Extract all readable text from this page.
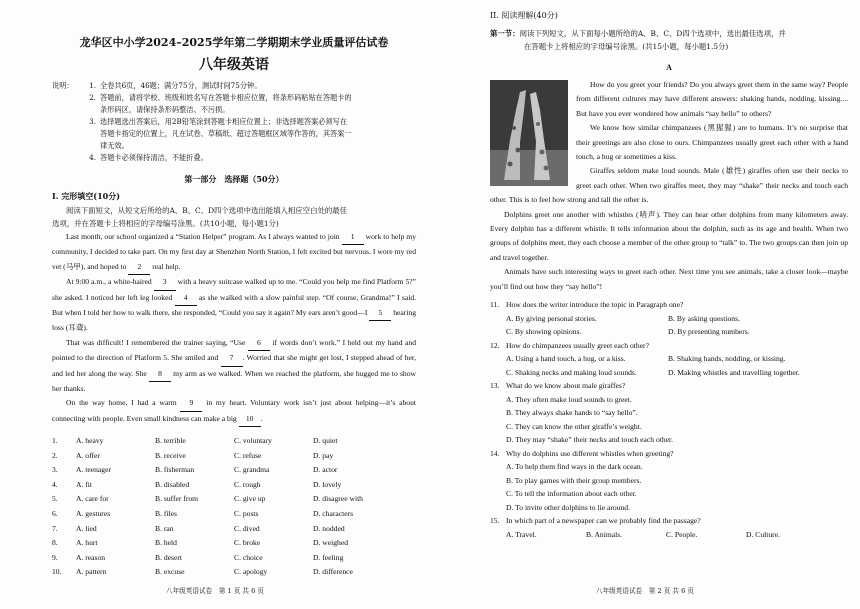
龙华区中小学2024–2025学年第二学期期末学业质量评估试卷
八年级英语
说明：	1. 全卷共6页，46题；满分75分，测试时间75分钟。
2. 答题前，请将学校、班级和姓名写在答题卡相应位置，将条形码粘贴在答题卡的
条形码区，请保持条形码整洁、不污损。
3. 选择题选出答案后，用2B铅笔涂到答题卡相应位置上；非选择题答案必须写在
答题卡指定的位置上，凡在试卷、草稿纸、超过答题框区域等作答的，其答案一
律无效。
4. 答题卡必须保持清洁，不能折叠。
第一部分　选择题（50分）
I. 完形填空(10分)

阅读下面短文，从短文后所给的A、B、C、D四个选项中选出能填入相应空白处的最佳

选项，并在答题卡上将相应的字母编号涂黑。(共10小题，每小题1分)

Last month, our school organized a “Station Helper” program. As I always wanted to join 1 work to help my community, I decided to take part. On my first day at Shenzhen North Station, I felt excited but nervous. I wore my red vet (马甲), and hoped to 2 real help.

At 9:00 a.m., a white-haired 3 with a heavy suitcase walked up to me. “Could you help me find Platform 5?” she asked. I noticed her left leg looked 4 as she walked with a slow painful step. “Of course, Grandma!” I said. But when I told her how to walk there, she responded, “Could you say it again? My ears aren’t good—I 5 hearing loss (耳聋).

That was difficult! I remembered the trainer saying, “Use 6 if words don’t work.” I held out my hand and pointed to the direction of Platform 5. She smiled and 7 . Worried that she might get lost, I stepped ahead of her, and led her along the way. She 8 my arm as we walked. When we reached the platform, she hugged me to show her thanks.

On the way home, I had a warm 9 in my heart. Voluntary work isn’t just about helping—it’s about connecting with people. Even small kindness can make a big 10 .

1.	A. heavy	B. terrible	C. voluntary	D. quiet
2.	A. offer	B. receive	C. refuse	D. pay
3.	A. teenager	B. fisherman	C. grandma	D. actor
4.	A. fit	B. disabled	C. rough	D. lovely
5.	A. care for	B. suffer from	C. give up	D. disagree with
6.	A. gestures	B. files	C. posts	D. characters
7.	A. lied	B. ran	C. dived	D. nodded
8.	A. hurt	B. held	C. broke	D. weighed
9.	A. reason	B. desert	C. choice	D. feeling
10.	A. pattern	B. excuse	C. apology	D. difference
八年级英语试卷　第 1 页 共 6 页
II. 阅读理解(40分)
第一节：阅读下列短文，从下面每小题所给的A、B、C、D四个选项中，选出最佳选项，并
在答题卡上将相应的字母编号涂黑。(共15小题，每小题1.5分)
A

How do you greet your friends? Do you always greet them in the same way? People from different cultures may have different answers: shaking hands, nodding, kissing.... But have you ever wondered how animals “say hello” to others?

We know how similar chimpanzees (黑猩猩) are to humans. It’s no surprise that their greetings are also close to ours. Chimpanzees usually greet each other with a hand touch, a hug or sometimes a kiss.

Giraffes seldom make loud sounds. Male (雄性) giraffes often use their necks to greet each other. When two giraffes meet, they may “shake” their necks and touch each other. This is to feel how strong and tall the other is.

Dolphins greet one another with whistles (哨声). They can hear other dolphins from many kilometers away. Every dolphin has a different whistle. It tells information about the dolphin, such as its age and health. When two groups of dolphins meet, they each choose a member of the other group to “talk” to. The two groups can then join up and travel together.

Animals have such interesting ways to greet each other. Next time you see animals, take a closer look—maybe you’ll find out how they “say hello”!

11. How does the writer introduce the topic in Paragraph one?
A. By giving personal stories.	B. By asking questions.
C. By showing opinions.	D. By presenting numbers.
12. How do chimpanzees usually greet each other?
A. Using a hand touch, a hug, or a kiss.	B. Shaking hands, nodding, or kissing.
C. Shaking necks and making loud sounds.	D. Making whistles and travelling together.
13. What do we know about male giraffes?
A. They often make loud sounds to greet.
B. They always shake hands to “say hello”.
C. They can know the other giraffe’s weight.
D. They may “shake” their necks and touch each other.
14. Why do dolphins use different whistles when greeting?
A. To help them find ways in the dark ocean.
B. To play games with their group members.
C. To tell the information about each other.
D. To invite other dolphins to lie around.
15. In which part of a newspaper can we probably find the passage?
A. Travel.	B. Animals.	C. People.	D. Culture.
八年级英语试卷　第 2 页 共 6 页
